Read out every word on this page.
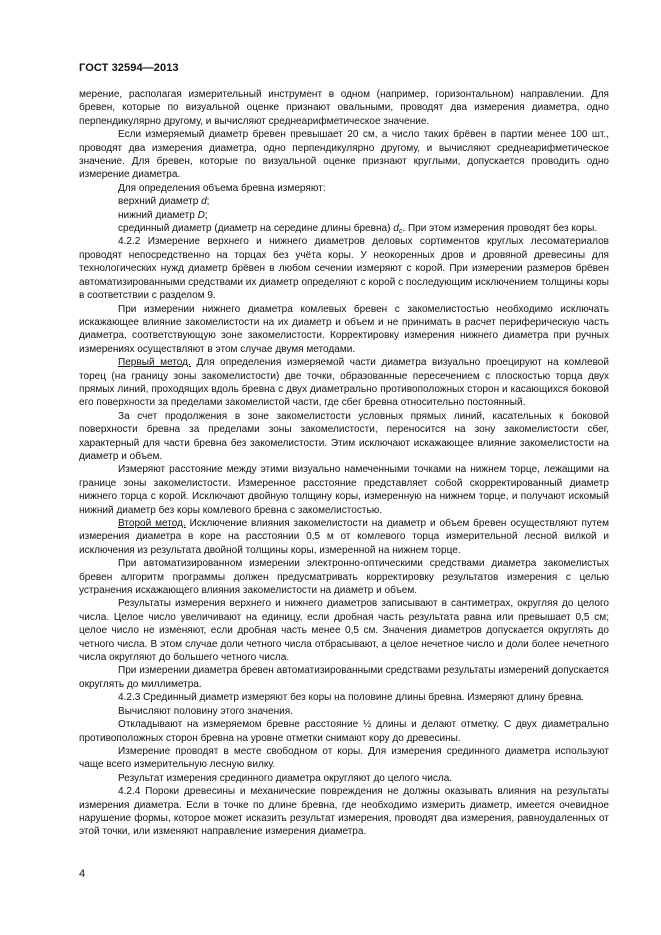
ГОСТ 32594—2013

мерение, располагая измерительный инструмент в одном (например, горизонтальном) направлении. Для бревен, которые по визуальной оценке признают овальными, проводят два измерения диаметра, одно перпендикулярно другому, и вычисляют среднеарифметическое значение.

Если измеряемый диаметр бревен превышает 20 см, а число таких брёвен в партии менее 100 шт., проводят два измерения диаметра, одно перпендикулярно другому, и вычисляют среднеарифметическое значение. Для бревен, которые по визуальной оценке признают круглыми, допускается проводить одно измерение диаметра.

Для определения объема бревна измеряют:

верхний диаметр d;

нижний диаметр D;

срединный диаметр (диаметр на середине длины бревна) $d_c$. При этом измерения проводят без коры.

4.2.2 Измерение верхнего и нижнего диаметров деловых сортиментов круглых лесоматериалов проводят непосредственно на торцах без учёта коры. У неокоренных дров и дровяной древесины для технологических нужд диаметр брёвен в любом сечении измеряют с корой. При измерении размеров брёвен автоматизированными средствами их диаметр определяют с корой с последующим исключением толщины коры в соответствии с разделом 9.

При измерении нижнего диаметра комлевых бревен с закомелистостью необходимо исключать искажающее влияние закомелистости на их диаметр и объем и не принимать в расчет периферическую часть диаметра, соответствующую зоне закомелистости. Корректировку измерения нижнего диаметра при ручных измерениях осуществляют в этом случае двумя методами.

Первый метод. Для определения измеряемой части диаметра визуально проецируют на комлевой торец (на границу зоны закомелистости) две точки, образованные пересечением с плоскостью торца двух прямых линий, проходящих вдоль бревна с двух диаметрально противоположных сторон и касающихся боковой его поверхности за пределами закомелистой части, где сбег бревна относительно постоянный.

За счет продолжения в зоне закомелистости условных прямых линий, касательных к боковой поверхности бревна за пределами зоны закомелистости, переносится на зону закомелистости сбег, характерный для части бревна без закомелистости. Этим исключают искажающее влияние закомелистости на диаметр и объем.

Измеряют расстояние между этими визуально намеченными точками на нижнем торце, лежащими на границе зоны закомелистости. Измеренное расстояние представляет собой скорректированный диаметр нижнего торца с корой. Исключают двойную толщину коры, измеренную на нижнем торце, и получают искомый нижний диаметр без коры комлевого бревна с закомелистостью.

Второй метод. Исключение влияния закомелистости на диаметр и объем бревен осуществляют путем измерения диаметра в коре на расстоянии 0,5 м от комлевого торца измерительной лесной вилкой и исключения из результата двойной толщины коры, измеренной на нижнем торце.

При автоматизированном измерении электронно-оптическими средствами диаметра закомелистых бревен алгоритм программы должен предусматривать корректировку результатов измерения с целью устранения искажающего влияния закомелистости на диаметр и объем.

Результаты измерения верхнего и нижнего диаметров записывают в сантиметрах, округляя до целого числа. Целое число увеличивают на единицу, если дробная часть результата равна или превышает 0,5 см; целое число не изменяют, если дробная часть менее 0,5 см. Значения диаметров допускается округлять до четного числа. В этом случае доли четного числа отбрасывают, а целое нечетное число и доли более нечетного числа округляют до большего четного числа.

При измерении диаметра бревен автоматизированными средствами результаты измерений допускается округлять до миллиметра.

4.2.3 Срединный диаметр измеряют без коры на половине длины бревна. Измеряют длину бревна.

Вычисляют половину этого значения.

Откладывают на измеряемом бревне расстояние ½ длины и делают отметку. С двух диаметрально противоположных сторон бревна на уровне отметки снимают кору до древесины.

Измерение проводят в месте свободном от коры. Для измерения срединного диаметра используют чаще всего измерительную лесную вилку.

Результат измерения срединного диаметра округляют до целого числа.

4.2.4 Пороки древесины и механические повреждения не должны оказывать влияния на результаты измерения диаметра. Если в точке по длине бревна, где необходимо измерить диаметр, имеется очевидное нарушение формы, которое может исказить результат измерения, проводят два измерения, равноудаленных от этой точки, или изменяют направление измерения диаметра.

4
